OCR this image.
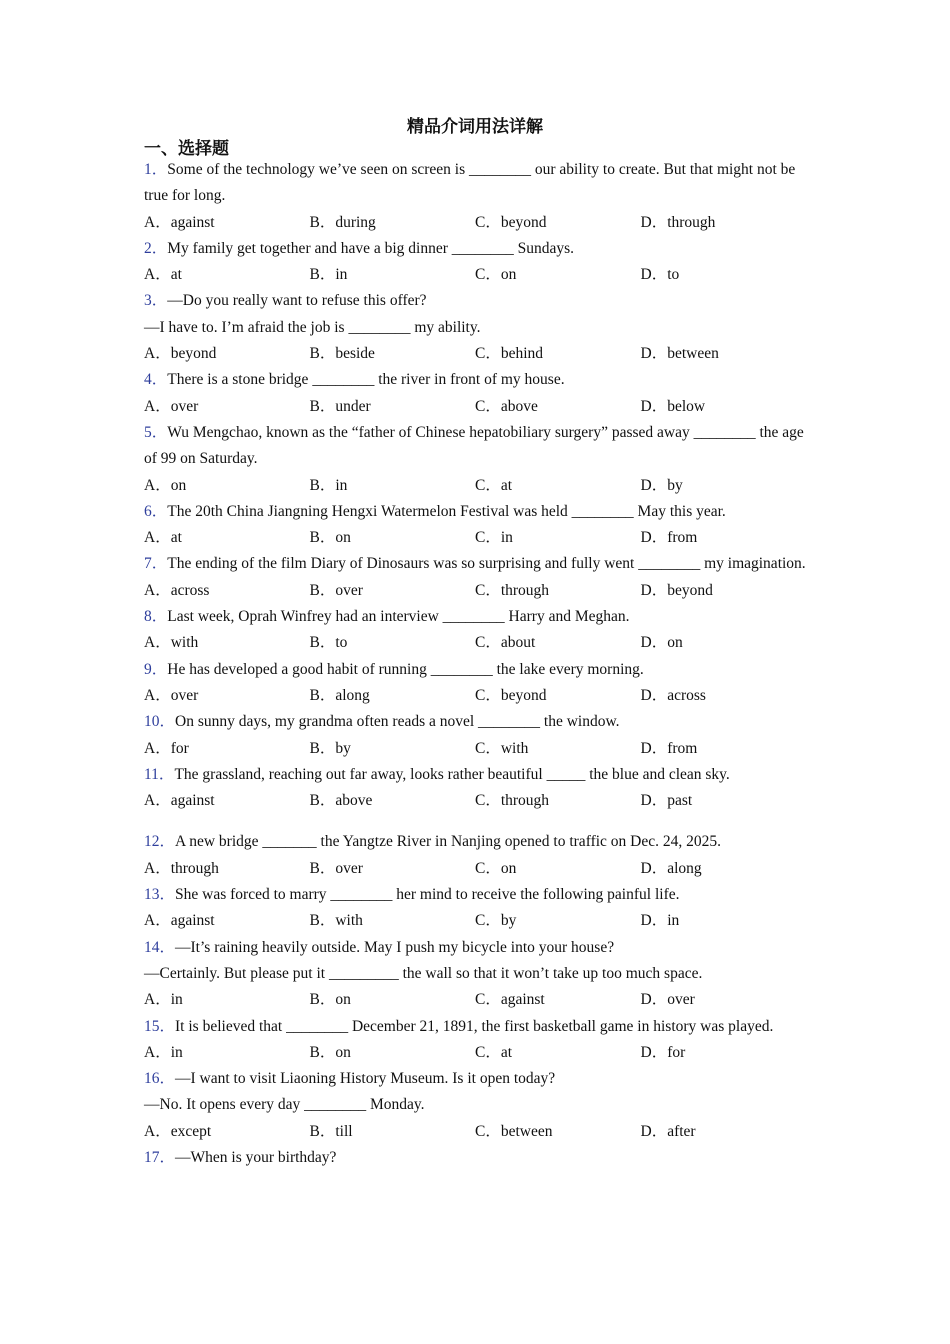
精品介词用法详解
一、选择题
1．Some of the technology we’ve seen on screen is ________ our ability to create. But that might not be true for long.
A．against	B．during	C．beyond	D．through
2．My family get together and have a big dinner ________ Sundays.
A．at	B．in	C．on	D．to
3．—Do you really want to refuse this offer?
—I have to. I’m afraid the job is ________ my ability.
A．beyond	B．beside	C．behind	D．between
4．There is a stone bridge ________ the river in front of my house.
A．over	B．under	C．above	D．below
5．Wu Mengchao, known as the “father of Chinese hepatobiliary surgery” passed away ________ the age of 99 on Saturday.
A．on	B．in	C．at	D．by
6．The 20th China Jiangning Hengxi Watermelon Festival was held ________ May this year.
A．at	B．on	C．in	D．from
7．The ending of the film Diary of Dinosaurs was so surprising and fully went ________ my imagination.
A．across	B．over	C．through	D．beyond
8．Last week, Oprah Winfrey had an interview ________ Harry and Meghan.
A．with	B．to	C．about	D．on
9．He has developed a good habit of running ________ the lake every morning.
A．over	B．along	C．beyond	D．across
10．On sunny days, my grandma often reads a novel ________ the window.
A．for	B．by	C．with	D．from
11．The grassland, reaching out far away, looks rather beautiful _____ the blue and clean sky.
A．against	B．above	C．through	D．past
12．A new bridge _______ the Yangtze River in Nanjing opened to traffic on Dec. 24, 2025.
A．through	B．over	C．on	D．along
13．She was forced to marry ________ her mind to receive the following painful life.
A．against	B．with	C．by	D．in
14．—It’s raining heavily outside. May I push my bicycle into your house?
—Certainly. But please put it _________ the wall so that it won’t take up too much space.
A．in	B．on	C．against	D．over
15．It is believed that ________ December 21, 1891, the first basketball game in history was played.
A．in	B．on	C．at	D．for
16．—I want to visit Liaoning History Museum. Is it open today?
—No. It opens every day ________ Monday.
A．except	B．till	C．between	D．after
17．—When is your birthday?
